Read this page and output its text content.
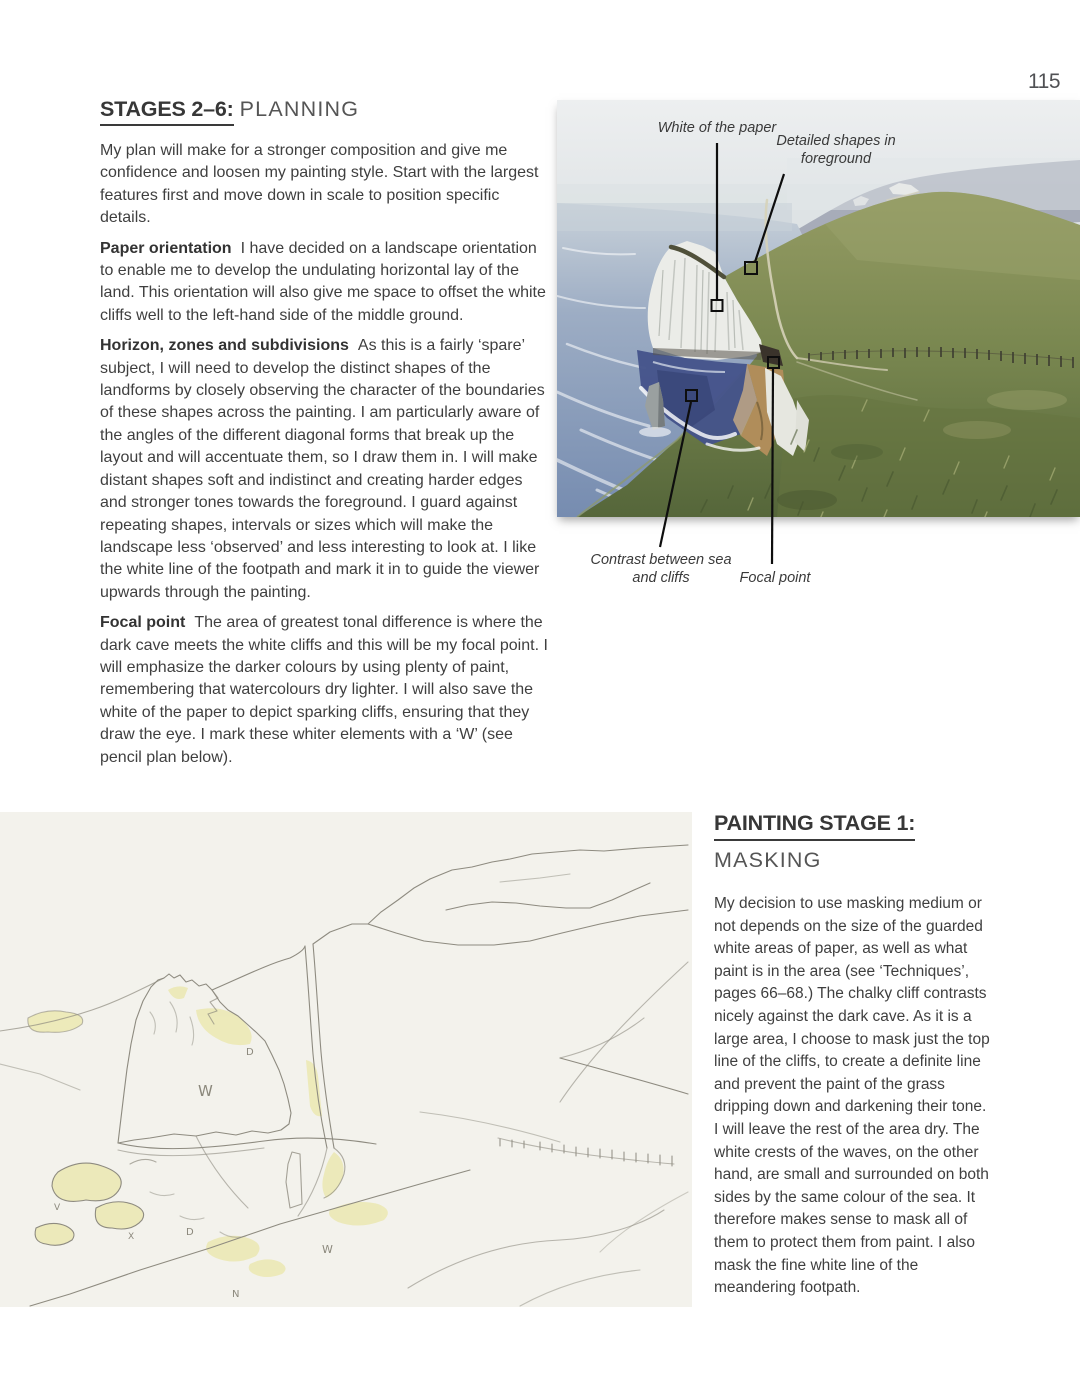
115
STAGES 2–6: PLANNING

My plan will make for a stronger composition and give me confidence and loosen my painting style. Start with the largest features first and move down in scale to position specific details.

Paper orientation I have decided on a landscape orientation to enable me to develop the undulating horizontal lay of the land. This orientation will also give me space to offset the white cliffs well to the left-hand side of the middle ground.

Horizon, zones and subdivisions As this is a fairly ‘spare’ subject, I will need to develop the distinct shapes of the landforms by closely observing the character of the boundaries of these shapes across the painting. I am particularly aware of the angles of the different diagonal forms that break up the layout and will accentuate them, so I draw them in. I will make distant shapes soft and indistinct and creating harder edges and stronger tones towards the foreground. I guard against repeating shapes, intervals or sizes which will make the landscape less ‘observed’ and less interesting to look at. I like the white line of the footpath and mark it in to guide the viewer upwards through the painting.

Focal point The area of greatest tonal difference is where the dark cave meets the white cliffs and this will be my focal point. I will emphasize the darker colours by using plenty of paint, remembering that watercolours dry lighter. I will also save the white of the paper to depict sparking cliffs, ensuring that they draw the eye. I mark these whiter elements with a ‘W’ (see pencil plan below).

White of the paper
Detailed shapes in foreground
Contrast between sea and cliffs	Focal point
W
D
D
W
N
X
V
PAINTING STAGE 1:
MASKING
My decision to use masking medium or not depends on the size of the guarded white areas of paper, as well as what paint is in the area (see ‘Techniques’, pages 66–68.) The chalky cliff contrasts nicely against the dark cave. As it is a large area, I choose to mask just the top line of the cliffs, to create a definite line and prevent the paint of the grass dripping down and darkening their tone. I will leave the rest of the area dry. The white crests of the waves, on the other hand, are small and surrounded on both sides by the same colour of the sea. It therefore makes sense to mask all of them to protect them from paint. I also mask the fine white line of the meandering footpath.
